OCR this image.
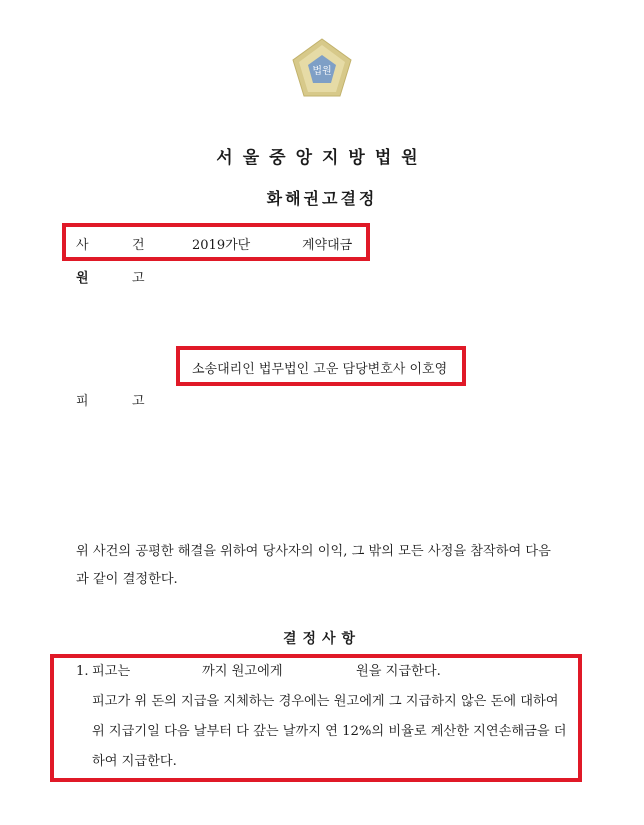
법원
서울중앙지방법원
화해권고결정
사	건	2019가단	계약대금
원	고
소송대리인 법무법인 고운 담당변호사 이호영
피	고
위 사건의 공평한 해결을 위하여 당사자의 이익, 그 밖의 모든 사정을 참작하여 다음
과 같이 결정한다.
결정사항
1. 피고는	까지 원고에게	원을 지급한다.
피고가 위 돈의 지급을 지체하는 경우에는 원고에게 그 지급하지 않은 돈에 대하여
위 지급기일 다음 날부터 다 갚는 날까지 연 12%의 비율로 계산한 지연손해금을 더
하여 지급한다.
